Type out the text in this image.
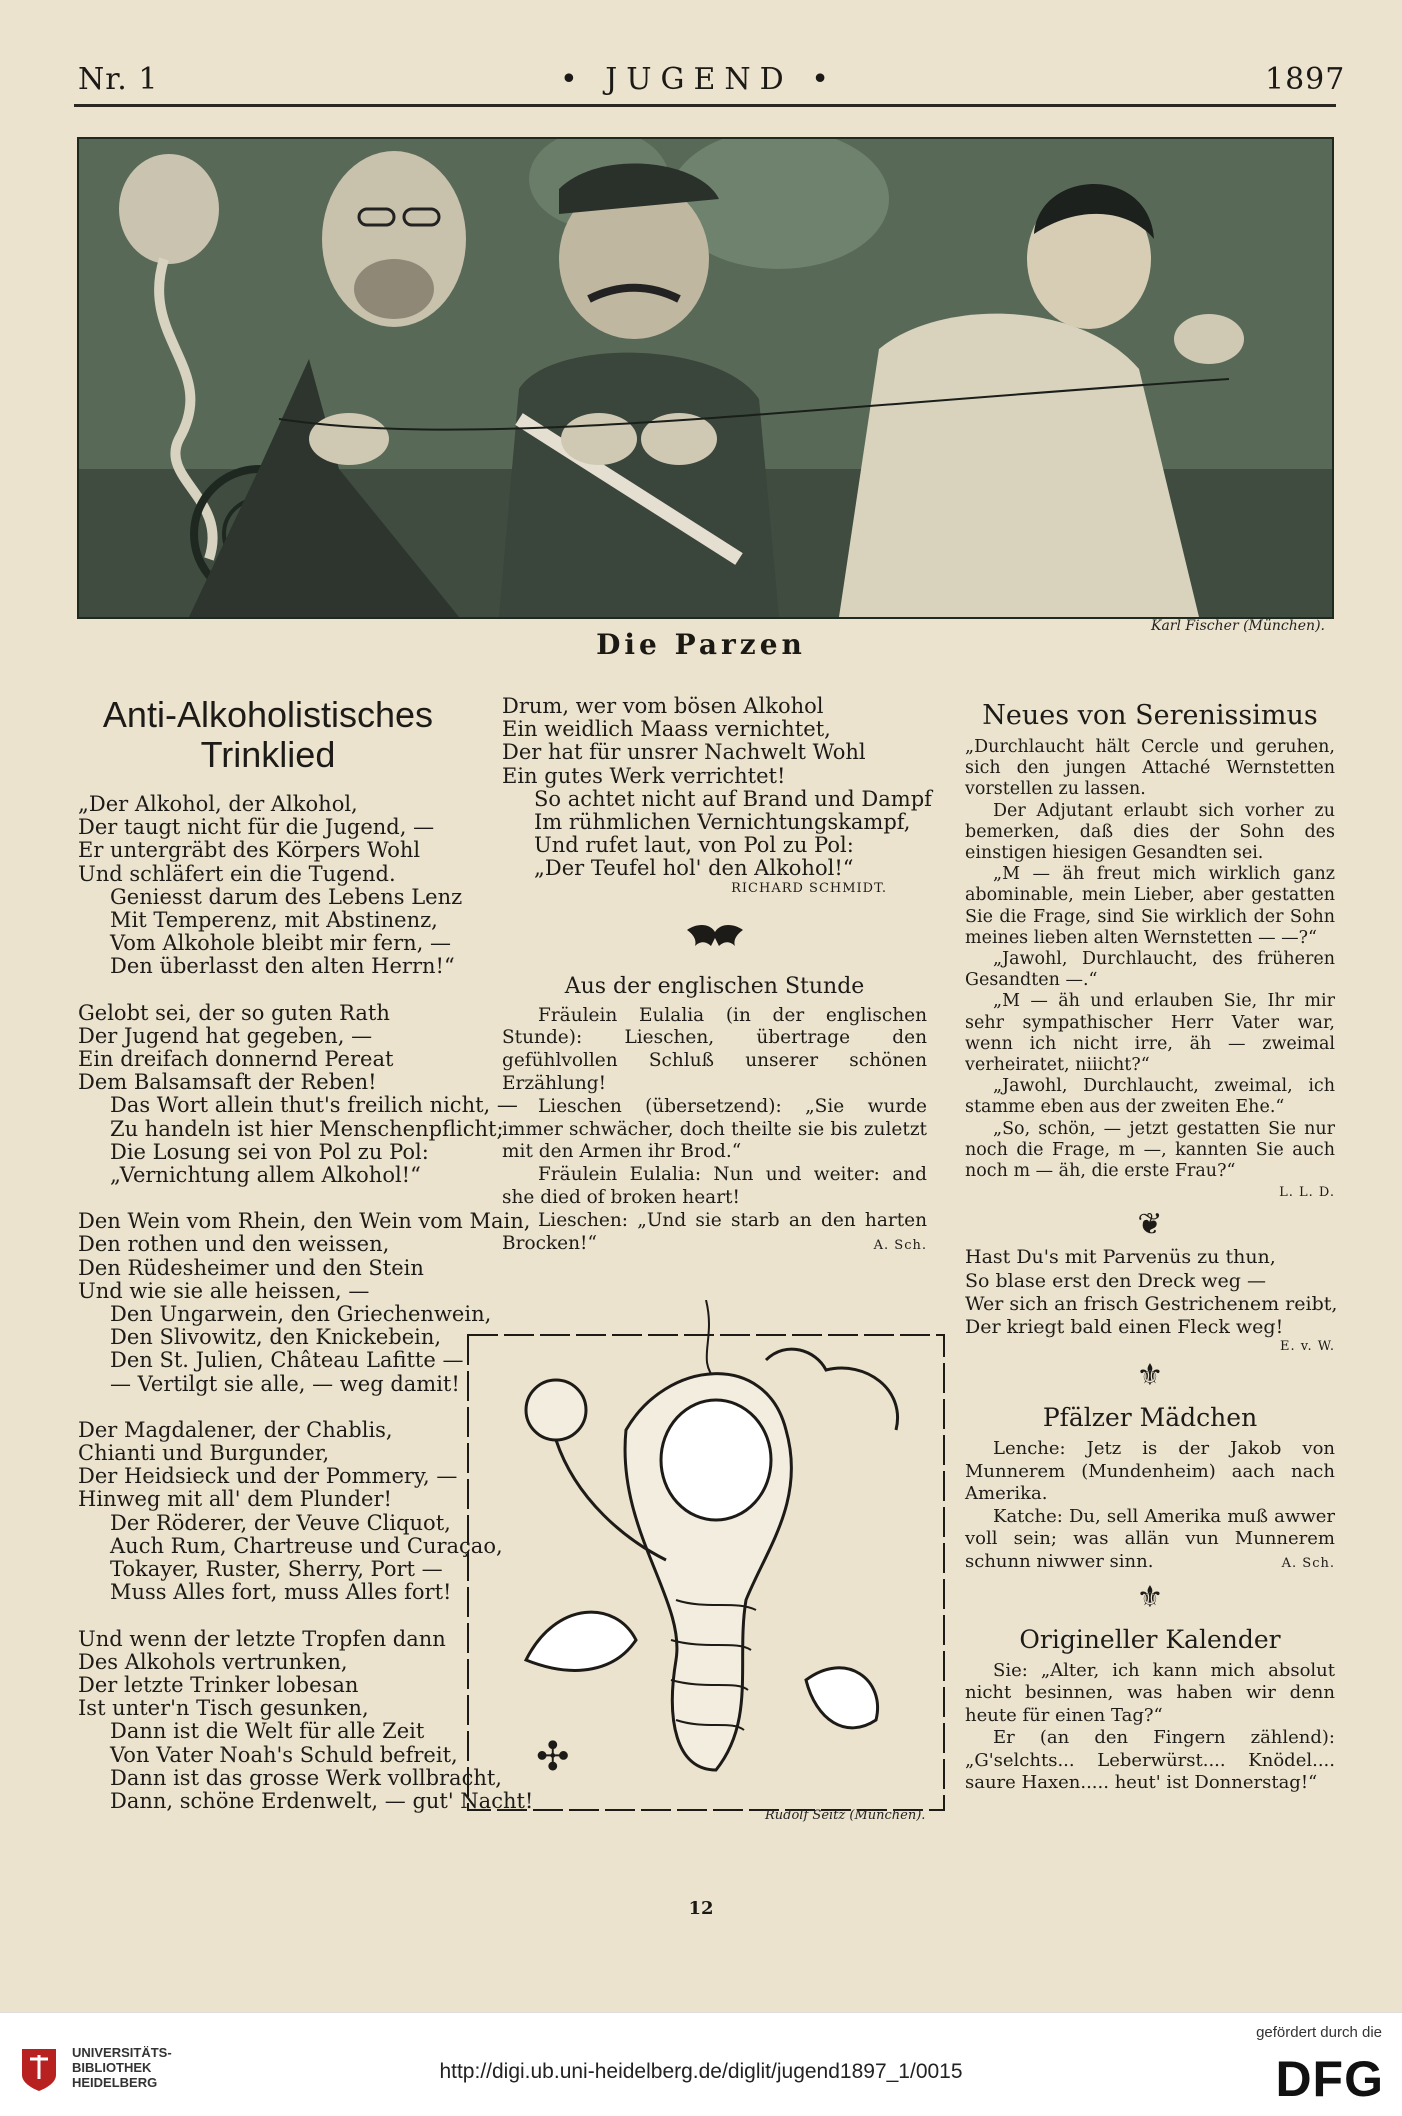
Nr. 1	• JUGEND •	1897
Karl Fischer (München).
Die Parzen
Anti-Alkoholistisches
Trinklied
„Der Alkohol, der Alkohol,
Der taugt nicht für die Jugend, —
Er untergräbt des Körpers Wohl
Und schläfert ein die Tugend.
Geniesst darum des Lebens Lenz
Mit Temperenz, mit Abstinenz,
Vom Alkohole bleibt mir fern, —
Den überlasst den alten Herrn!“
Gelobt sei, der so guten Rath
Der Jugend hat gegeben, —
Ein dreifach donnernd Pereat
Dem Balsamsaft der Reben!
Das Wort allein thut's freilich nicht, —
Zu handeln ist hier Menschenpflicht;
Die Losung sei von Pol zu Pol:
„Vernichtung allem Alkohol!“
Den Wein vom Rhein, den Wein vom Main,
Den rothen und den weissen,
Den Rüdesheimer und den Stein
Und wie sie alle heissen, —
Den Ungarwein, den Griechenwein,
Den Slivowitz, den Knickebein,
Den St. Julien, Château Lafitte —
— Vertilgt sie alle, — weg damit!
Der Magdalener, der Chablis,
Chianti und Burgunder,
Der Heidsieck und der Pommery, —
Hinweg mit all' dem Plunder!
Der Röderer, der Veuve Cliquot,
Auch Rum, Chartreuse und Curaçao,
Tokayer, Ruster, Sherry, Port —
Muss Alles fort, muss Alles fort!
Und wenn der letzte Tropfen dann
Des Alkohols vertrunken,
Der letzte Trinker lobesan
Ist unter'n Tisch gesunken,
Dann ist die Welt für alle Zeit
Von Vater Noah's Schuld befreit,
Dann ist das grosse Werk vollbracht,
Dann, schöne Erdenwelt, — gut' Nacht!
Drum, wer vom bösen Alkohol
Ein weidlich Maass vernichtet,
Der hat für unsrer Nachwelt Wohl
Ein gutes Werk verrichtet!
So achtet nicht auf Brand und Dampf
Im rühmlichen Vernichtungskampf,
Und rufet laut, von Pol zu Pol:
„Der Teufel hol' den Alkohol!“
RICHARD SCHMIDT.
Aus der englischen Stunde
Fräulein Eulalia (in der englischen Stunde): Lieschen, übertrage den gefühlvollen Schluß unserer schönen Erzählung!
Lieschen (übersetzend): „Sie wurde immer schwächer, doch theilte sie bis zuletzt mit den Armen ihr Brod.“
Fräulein Eulalia: Nun und weiter: and she died of broken heart!
Lieschen: „Und sie starb an den harten Brocken!“	A. Sch.
✣
Rudolf Seitz (München).
Neues von Serenissimus
„Durchlaucht hält Cercle und geruhen, sich den jungen Attaché Wernstetten vorstellen zu lassen.
Der Adjutant erlaubt sich vorher zu bemerken, daß dies der Sohn des einstigen hiesigen Gesandten sei.
„M — äh freut mich wirklich ganz abominable, mein Lieber, aber gestatten Sie die Frage, sind Sie wirklich der Sohn meines lieben alten Wernstetten — —?“
„Jawohl, Durchlaucht, des früheren Gesandten —.“
„M — äh und erlauben Sie, Ihr mir sehr sympathischer Herr Vater war, wenn ich nicht irre, äh — zweimal verheiratet, niiicht?“
„Jawohl, Durchlaucht, zweimal, ich stamme eben aus der zweiten Ehe.“
„So, schön, — jetzt gestatten Sie nur noch die Frage, m —, kannten Sie auch noch m — äh, die erste Frau?“
L. L. D.
❦
Hast Du's mit Parvenüs zu thun,
So blase erst den Dreck weg —
Wer sich an frisch Gestrichenem reibt,
Der kriegt bald einen Fleck weg!
E. v. W.
⚜
Pfälzer Mädchen
Lenche: Jetz is der Jakob von Munnerem (Mundenheim) aach nach Amerika.
Katche: Du, sell Amerika muß awwer voll sein; was allän vun Munnerem schunn niwwer sinn.	A. Sch.
⚜
Origineller Kalender
Sie: „Alter, ich kann mich absolut nicht besinnen, was haben wir denn heute für einen Tag?“
Er (an den Fingern zählend): „G'selchts... Leberwürst.... Knödel.... saure Haxen..... heut' ist Donnerstag!“
12
UNIVERSITÄTS-
BIBLIOTHEK
HEIDELBERG	http://digi.ub.uni-heidelberg.de/diglit/jugend1897_1/0015
gefördert durch die
DFG
